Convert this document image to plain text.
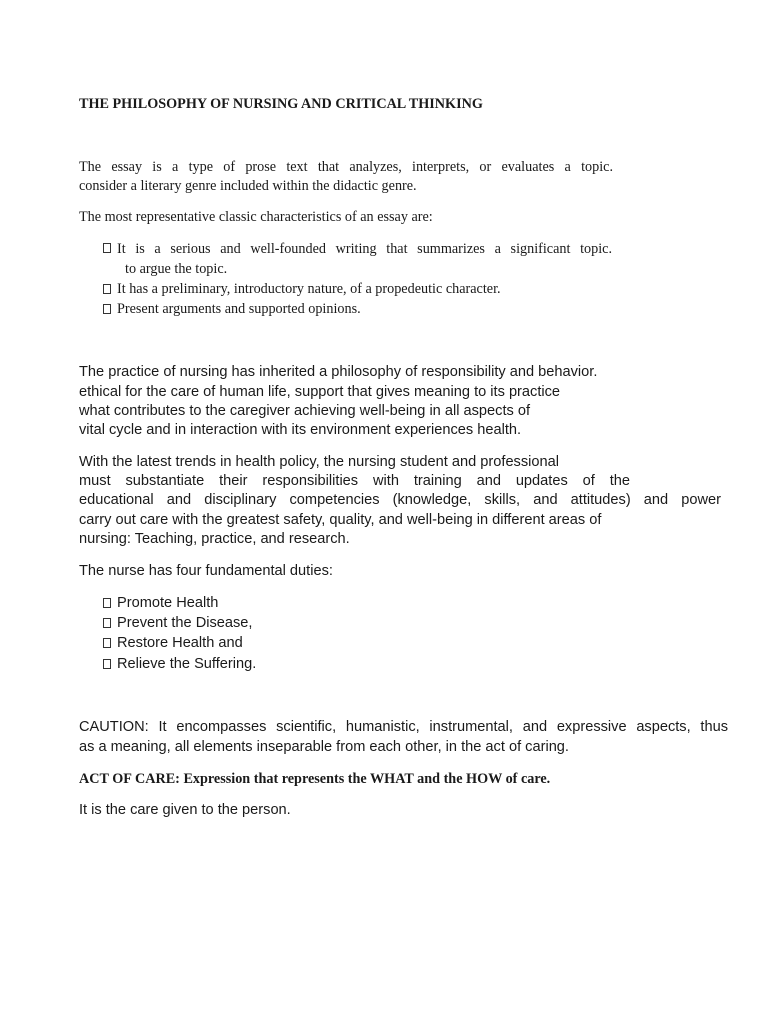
THE PHILOSOPHY OF NURSING AND CRITICAL THINKING
The essay is a type of prose text that analyzes, interprets, or evaluates a topic.
consider a literary genre included within the didactic genre.
The most representative classic characteristics of an essay are:
It is a serious and well-founded writing that summarizes a significant topic.
to argue the topic.
It has a preliminary, introductory nature, of a propedeutic character.
Present arguments and supported opinions.
The practice of nursing has inherited a philosophy of responsibility and behavior.
ethical for the care of human life, support that gives meaning to its practice
what contributes to the caregiver achieving well-being in all aspects of
vital cycle and in interaction with its environment experiences health.
With the latest trends in health policy, the nursing student and professional
must substantiate their responsibilities with training and updates of the
educational and disciplinary competencies (knowledge, skills, and attitudes) and power
carry out care with the greatest safety, quality, and well-being in different areas of
nursing: Teaching, practice, and research.
The nurse has four fundamental duties:
Promote Health
Prevent the Disease,
Restore Health and
Relieve the Suffering.
CAUTION: It encompasses scientific, humanistic, instrumental, and expressive aspects, thus
as a meaning, all elements inseparable from each other, in the act of caring.
ACT OF CARE: Expression that represents the WHAT and the HOW of care.
It is the care given to the person.
